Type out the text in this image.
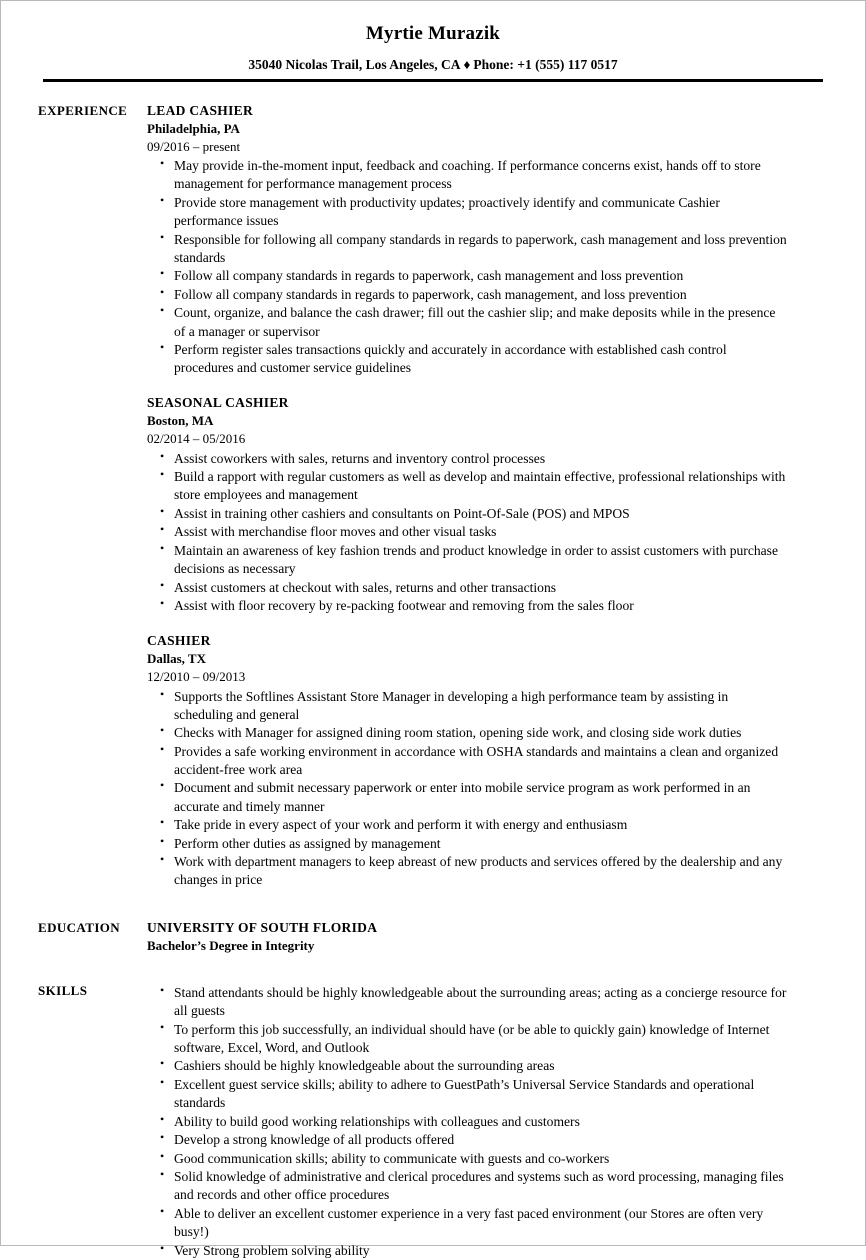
Myrtie Murazik
35040 Nicolas Trail, Los Angeles, CA ♦ Phone: +1 (555) 117 0517
EXPERIENCE	LEAD CASHIER
Philadelphia, PA
09/2016 – present
• May provide in-the-moment input, feedback and coaching. If performance concerns exist, hands off to store management for performance management process
• Provide store management with productivity updates; proactively identify and communicate Cashier performance issues
• Responsible for following all company standards in regards to paperwork, cash management and loss prevention standards
• Follow all company standards in regards to paperwork, cash management and loss prevention
• Follow all company standards in regards to paperwork, cash management, and loss prevention
• Count, organize, and balance the cash drawer; fill out the cashier slip; and make deposits while in the presence of a manager or supervisor
• Perform register sales transactions quickly and accurately in accordance with established cash control procedures and customer service guidelines
SEASONAL CASHIER
Boston, MA
02/2014 – 05/2016
• Assist coworkers with sales, returns and inventory control processes
• Build a rapport with regular customers as well as develop and maintain effective, professional relationships with store employees and management
• Assist in training other cashiers and consultants on Point-Of-Sale (POS) and MPOS
• Assist with merchandise floor moves and other visual tasks
• Maintain an awareness of key fashion trends and product knowledge in order to assist customers with purchase decisions as necessary
• Assist customers at checkout with sales, returns and other transactions
• Assist with floor recovery by re-packing footwear and removing from the sales floor
CASHIER
Dallas, TX
12/2010 – 09/2013
• Supports the Softlines Assistant Store Manager in developing a high performance team by assisting in scheduling and general
• Checks with Manager for assigned dining room station, opening side work, and closing side work duties
• Provides a safe working environment in accordance with OSHA standards and maintains a clean and organized accident-free work area
• Document and submit necessary paperwork or enter into mobile service program as work performed in an accurate and timely manner
• Take pride in every aspect of your work and perform it with energy and enthusiasm
• Perform other duties as assigned by management
• Work with department managers to keep abreast of new products and services offered by the dealership and any changes in price
EDUCATION	UNIVERSITY OF SOUTH FLORIDA
Bachelor’s Degree in Integrity
SKILLS	• Stand attendants should be highly knowledgeable about the surrounding areas; acting as a concierge resource for all guests
• To perform this job successfully, an individual should have (or be able to quickly gain) knowledge of Internet software, Excel, Word, and Outlook
• Cashiers should be highly knowledgeable about the surrounding areas
• Excellent guest service skills; ability to adhere to GuestPath’s Universal Service Standards and operational standards
• Ability to build good working relationships with colleagues and customers
• Develop a strong knowledge of all products offered
• Good communication skills; ability to communicate with guests and co-workers
• Solid knowledge of administrative and clerical procedures and systems such as word processing, managing files and records and other office procedures
• Able to deliver an excellent customer experience in a very fast paced environment (our Stores are often very busy!)
• Very Strong problem solving ability
